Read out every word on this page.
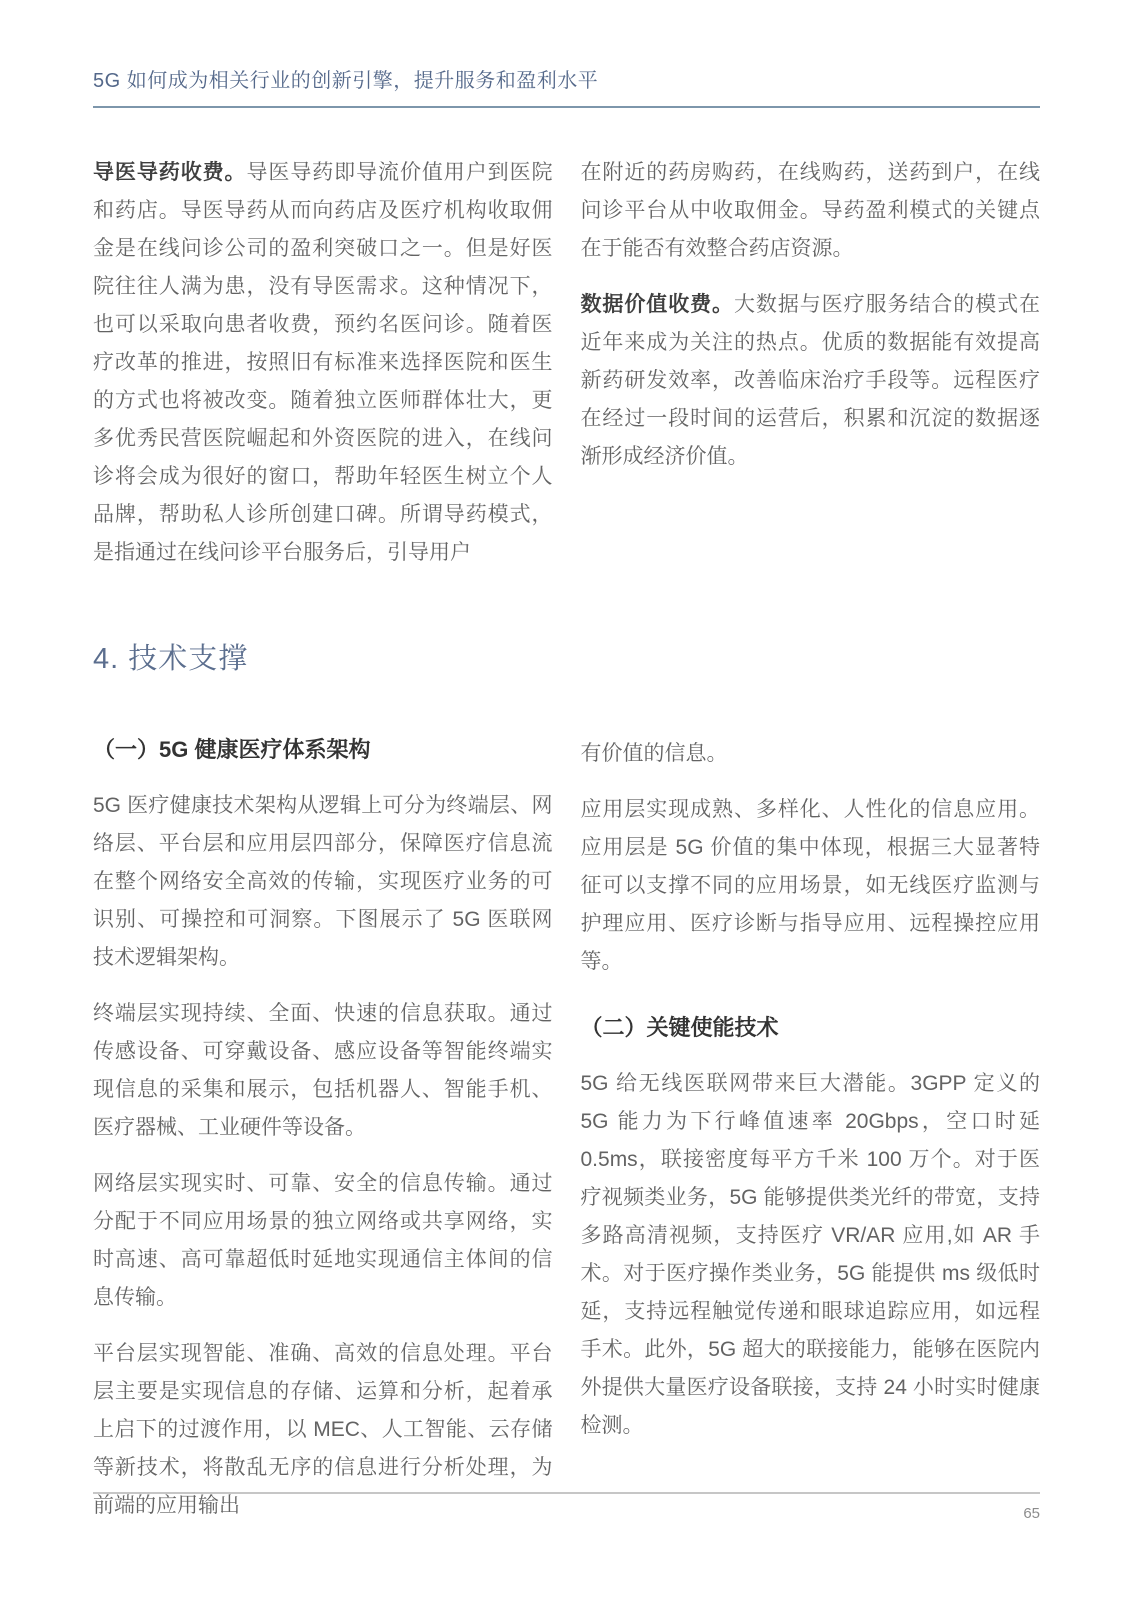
5G 如何成为相关行业的创新引擎，提升服务和盈利水平

导医导药收费。导医导药即导流价值用户到医院和药店。导医导药从而向药店及医疗机构收取佣金是在线问诊公司的盈利突破口之一。但是好医院往往人满为患，没有导医需求。这种情况下，也可以采取向患者收费，预约名医问诊。随着医疗改革的推进，按照旧有标准来选择医院和医生的方式也将被改变。随着独立医师群体壮大，更多优秀民营医院崛起和外资医院的进入，在线问诊将会成为很好的窗口，帮助年轻医生树立个人品牌，帮助私人诊所创建口碑。所谓导药模式，是指通过在线问诊平台服务后，引导用户

在附近的药房购药，在线购药，送药到户，在线问诊平台从中收取佣金。导药盈利模式的关键点在于能否有效整合药店资源。

数据价值收费。大数据与医疗服务结合的模式在近年来成为关注的热点。优质的数据能有效提高新药研发效率，改善临床治疗手段等。远程医疗在经过一段时间的运营后，积累和沉淀的数据逐渐形成经济价值。

4. 技术支撑
（一）5G 健康医疗体系架构

5G 医疗健康技术架构从逻辑上可分为终端层、网络层、平台层和应用层四部分，保障医疗信息流在整个网络安全高效的传输，实现医疗业务的可识别、可操控和可洞察。下图展示了 5G 医联网技术逻辑架构。

终端层实现持续、全面、快速的信息获取。通过传感设备、可穿戴设备、感应设备等智能终端实现信息的采集和展示，包括机器人、智能手机、医疗器械、工业硬件等设备。

网络层实现实时、可靠、安全的信息传输。通过分配于不同应用场景的独立网络或共享网络，实时高速、高可靠超低时延地实现通信主体间的信息传输。

平台层实现智能、准确、高效的信息处理。平台层主要是实现信息的存储、运算和分析，起着承上启下的过渡作用，以 MEC、人工智能、云存储等新技术，将散乱无序的信息进行分析处理，为前端的应用输出

有价值的信息。

应用层实现成熟、多样化、人性化的信息应用。应用层是 5G 价值的集中体现，根据三大显著特征可以支撑不同的应用场景，如无线医疗监测与护理应用、医疗诊断与指导应用、远程操控应用等。

（二）关键使能技术

5G 给无线医联网带来巨大潜能。3GPP 定义的 5G 能力为下行峰值速率 20Gbps，空口时延 0.5ms，联接密度每平方千米 100 万个。对于医疗视频类业务，5G 能够提供类光纤的带宽，支持多路高清视频，支持医疗 VR/AR 应用,如 AR 手术。对于医疗操作类业务，5G 能提供 ms 级低时延，支持远程触觉传递和眼球追踪应用，如远程手术。此外，5G 超大的联接能力，能够在医院内外提供大量医疗设备联接，支持 24 小时实时健康检测。

65
